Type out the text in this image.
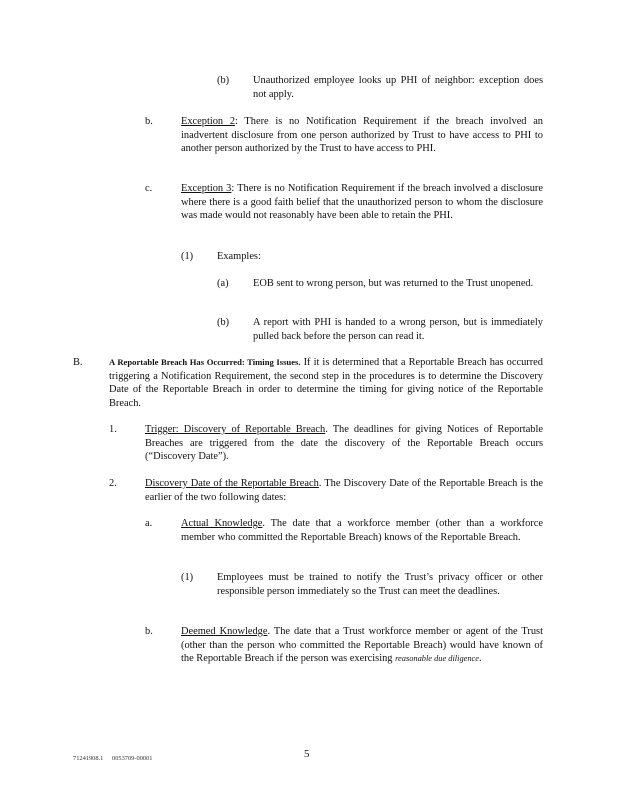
(b) Unauthorized employee looks up PHI of neighbor: exception does not apply.

b.	Exception 2: There is no Notification Requirement if the breach involved an inadvertent disclosure from one person authorized by Trust to have access to PHI to another person authorized by the Trust to have access to PHI.

c.	Exception 3: There is no Notification Requirement if the breach involved a disclosure where there is a good faith belief that the unauthorized person to whom the disclosure was made would not reasonably have been able to retain the PHI.

(1) Examples:

(a) EOB sent to wrong person, but was returned to the Trust unopened.

(b) A report with PHI is handed to a wrong person, but is immediately pulled back before the person can read it.

B.	A Reportable Breach Has Occurred: Timing Issues. If it is determined that a Reportable Breach has occurred triggering a Notification Requirement, the second step in the procedures is to determine the Discovery Date of the Reportable Breach in order to determine the timing for giving notice of the Reportable Breach.

1.	Trigger: Discovery of Reportable Breach. The deadlines for giving Notices of Reportable Breaches are triggered from the date the discovery of the Reportable Breach occurs (“Discovery Date”).

2.	Discovery Date of the Reportable Breach. The Discovery Date of the Reportable Breach is the earlier of the two following dates:

a.	Actual Knowledge. The date that a workforce member (other than a workforce member who committed the Reportable Breach) knows of the Reportable Breach.

(1) Employees must be trained to notify the Trust’s privacy officer or other responsible person immediately so the Trust can meet the deadlines.

b.	Deemed Knowledge. The date that a Trust workforce member or agent of the Trust (other than the person who committed the Reportable Breach) would have known of the Reportable Breach if the person was exercising reasonable due diligence.

71241908.1 0053709-00001	5
